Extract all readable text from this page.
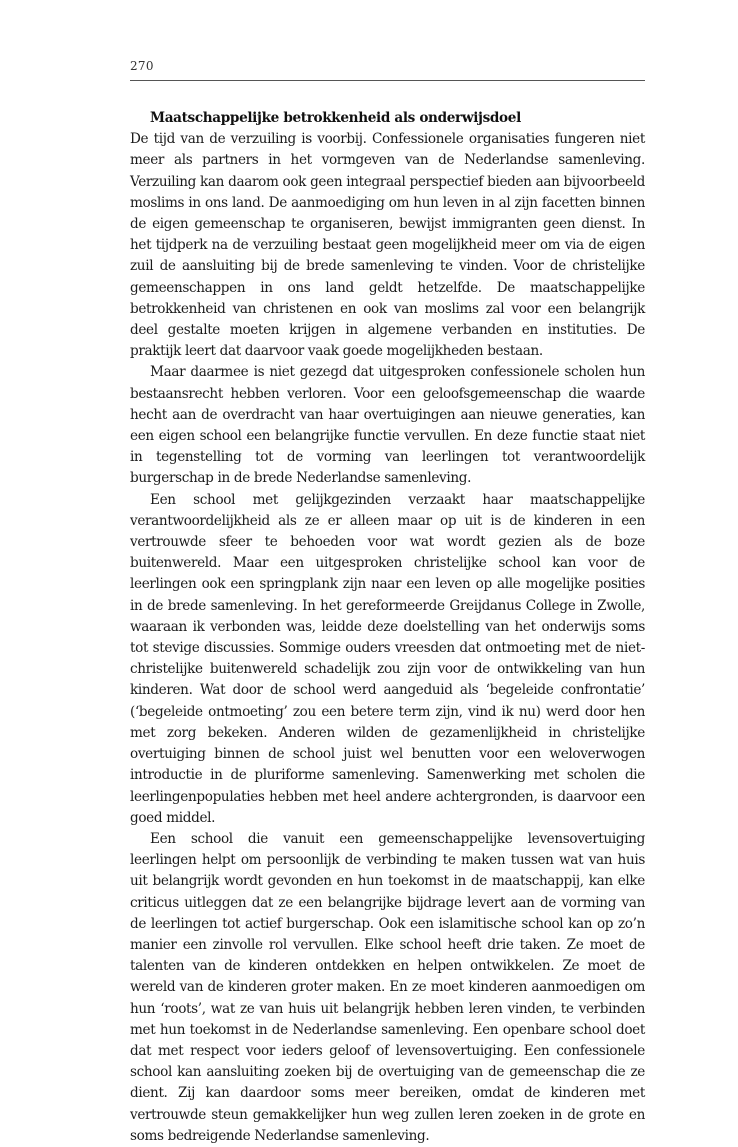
270
Maatschappelijke betrokkenheid als onderwijsdoel

De tijd van de verzuiling is voorbij. Confessionele organisaties fungeren niet meer als partners in het vormgeven van de Nederlandse samenleving. Verzuiling kan daarom ook geen integraal perspectief bieden aan bijvoorbeeld moslims in ons land. De aanmoediging om hun leven in al zijn facetten binnen de eigen gemeenschap te organiseren, bewijst immigranten geen dienst. In het tijdperk na de verzuiling bestaat geen mogelijkheid meer om via de eigen zuil de aansluiting bij de brede samenleving te vinden. Voor de christelijke gemeenschappen in ons land geldt hetzelfde. De maatschappelijke betrokkenheid van christenen en ook van moslims zal voor een belangrijk deel gestalte moeten krijgen in algemene verbanden en instituties. De praktijk leert dat daarvoor vaak goede mogelijkheden bestaan.

Maar daarmee is niet gezegd dat uitgesproken confessionele scholen hun bestaansrecht hebben verloren. Voor een geloofsgemeenschap die waarde hecht aan de overdracht van haar overtuigingen aan nieuwe generaties, kan een eigen school een belangrijke functie vervullen. En deze functie staat niet in tegenstelling tot de vorming van leerlingen tot verantwoordelijk burgerschap in de brede Nederlandse samenleving.

Een school met gelijkgezinden verzaakt haar maatschappelijke verantwoordelijkheid als ze er alleen maar op uit is de kinderen in een vertrouwde sfeer te behoeden voor wat wordt gezien als de boze buitenwereld. Maar een uitgesproken christelijke school kan voor de leerlingen ook een springplank zijn naar een leven op alle mogelijke posities in de brede samenleving. In het gereformeerde Greijdanus College in Zwolle, waaraan ik verbonden was, leidde deze doelstelling van het onderwijs soms tot stevige discussies. Sommige ouders vreesden dat ontmoeting met de niet-christelijke buitenwereld schadelijk zou zijn voor de ontwikkeling van hun kinderen. Wat door de school werd aangeduid als ‘begeleide confrontatie’ (‘begeleide ontmoeting’ zou een betere term zijn, vind ik nu) werd door hen met zorg bekeken. Anderen wilden de gezamenlijkheid in christelijke overtuiging binnen de school juist wel benutten voor een weloverwogen introductie in de pluriforme samenleving. Samenwerking met scholen die leerlingenpopulaties hebben met heel andere achtergronden, is daarvoor een goed middel.

Een school die vanuit een gemeenschappelijke levensovertuiging leerlingen helpt om persoonlijk de verbinding te maken tussen wat van huis uit belangrijk wordt gevonden en hun toekomst in de maatschappij, kan elke criticus uitleggen dat ze een belangrijke bijdrage levert aan de vorming van de leerlingen tot actief burgerschap. Ook een islamitische school kan op zo’n manier een zinvolle rol vervullen. Elke school heeft drie taken. Ze moet de talenten van de kinderen ontdekken en helpen ontwikkelen. Ze moet de wereld van de kinderen groter maken. En ze moet kinderen aanmoedigen om hun ‘roots’, wat ze van huis uit belangrijk hebben leren vinden, te verbinden met hun toekomst in de Nederlandse samenleving. Een openbare school doet dat met respect voor ieders geloof of levensovertuiging. Een confessionele school kan aansluiting zoeken bij de overtuiging van de gemeenschap die ze dient. Zij kan daardoor soms meer bereiken, omdat de kinderen met vertrouwde steun gemakkelijker hun weg zullen leren zoeken in de grote en soms bedreigende Nederlandse samenleving.
